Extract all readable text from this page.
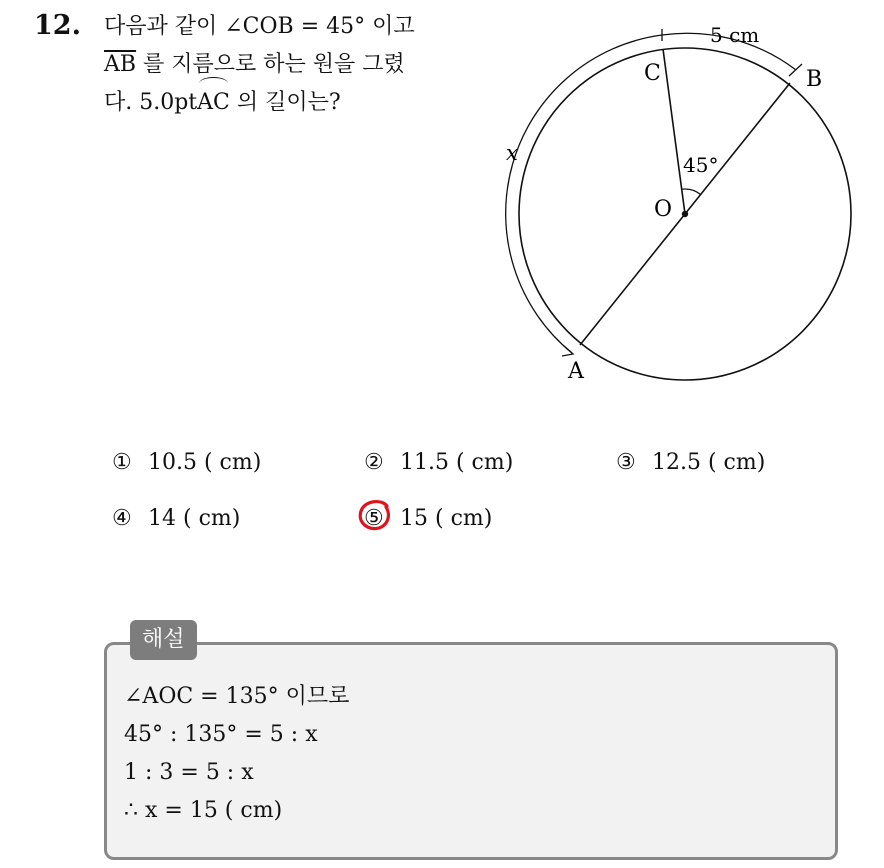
12. 다음과 같이 ∠COB = 45° 이고
$\overline{AB}$ 를 지름으로 하는 원을 그렸
다. 5.0ptAC 의 길이는?
C	B
A
O
45°
5 cm
x
① 10.5 ( cm)	② 11.5 ( cm)	③ 12.5 ( cm)
④ 14 ( cm)	⑤ 15 ( cm)
해설
∠AOC = 135° 이므로
45° : 135° = 5 : x
1 : 3 = 5 : x
∴ x = 15 ( cm)
